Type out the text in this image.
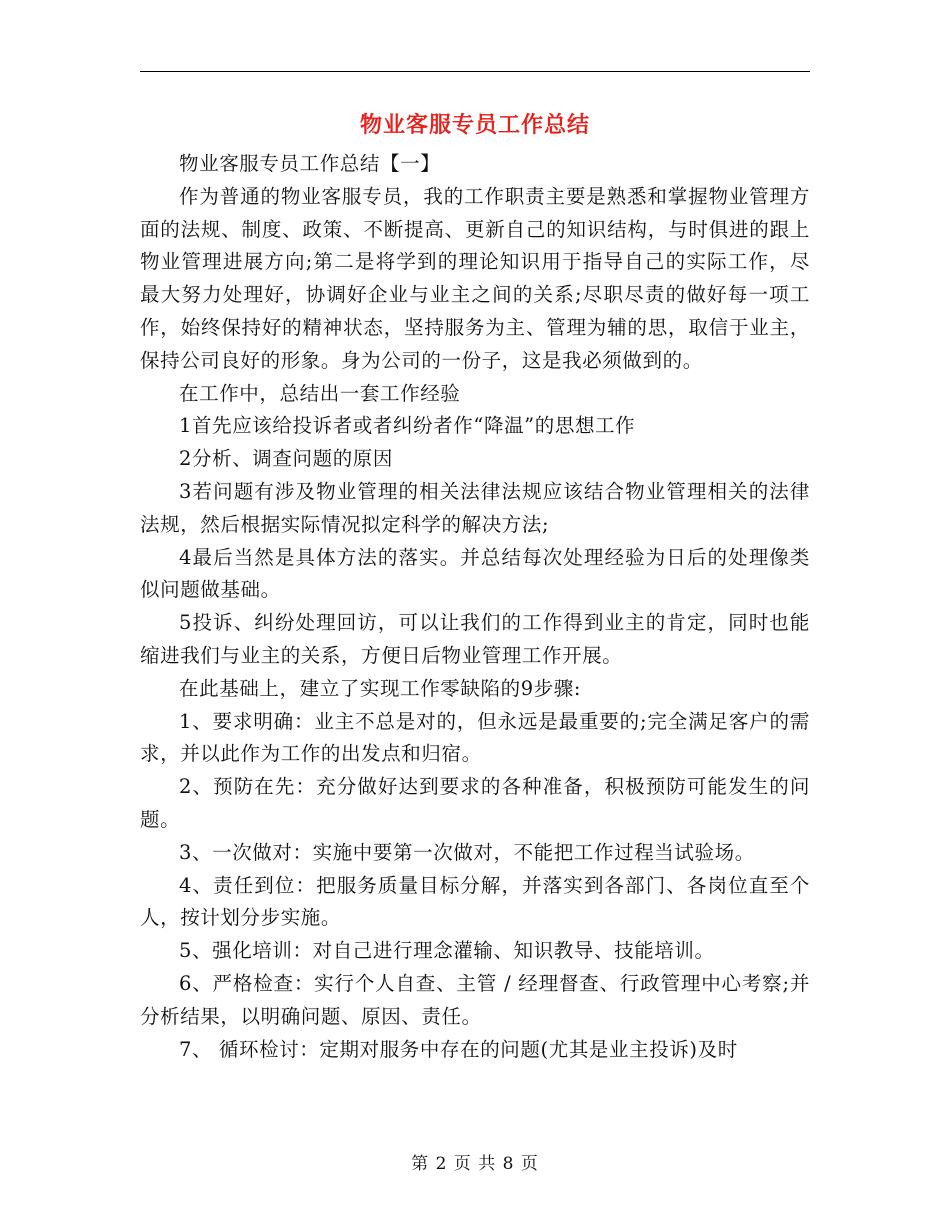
物业客服专员工作总结

物业客服专员工作总结【一】

作为普通的物业客服专员，我的工作职责主要是熟悉和掌握物业管理方面的法规、制度、政策、不断提高、更新自己的知识结构，与时俱进的跟上物业管理进展方向;第二是将学到的理论知识用于指导自己的实际工作，尽最大努力处理好，协调好企业与业主之间的关系;尽职尽责的做好每一项工作，始终保持好的精神状态，坚持服务为主、管理为辅的思，取信于业主，保持公司良好的形象。身为公司的一份子，这是我必须做到的。

在工作中，总结出一套工作经验

1首先应该给投诉者或者纠纷者作“降温”的思想工作

2分析、调查问题的原因

3若问题有涉及物业管理的相关法律法规应该结合物业管理相关的法律法规，然后根据实际情况拟定科学的解决方法;

4最后当然是具体方法的落实。并总结每次处理经验为日后的处理像类似问题做基础。

5投诉、纠纷处理回访，可以让我们的工作得到业主的肯定，同时也能缩进我们与业主的关系，方便日后物业管理工作开展。

在此基础上，建立了实现工作零缺陷的9步骤:

1、要求明确：业主不总是对的，但永远是最重要的;完全满足客户的需求，并以此作为工作的出发点和归宿。

2、预防在先：充分做好达到要求的各种准备，积极预防可能发生的问题。

3、一次做对：实施中要第一次做对，不能把工作过程当试验场。

4、责任到位：把服务质量目标分解，并落实到各部门、各岗位直至个人，按计划分步实施。

5、强化培训：对自己进行理念灌输、知识教导、技能培训。

6、严格检查：实行个人自查、主管 / 经理督查、行政管理中心考察;并分析结果，以明确问题、原因、责任。

7、 循环检讨：定期对服务中存在的问题(尤其是业主投诉)及时

第 2 页 共 8 页
